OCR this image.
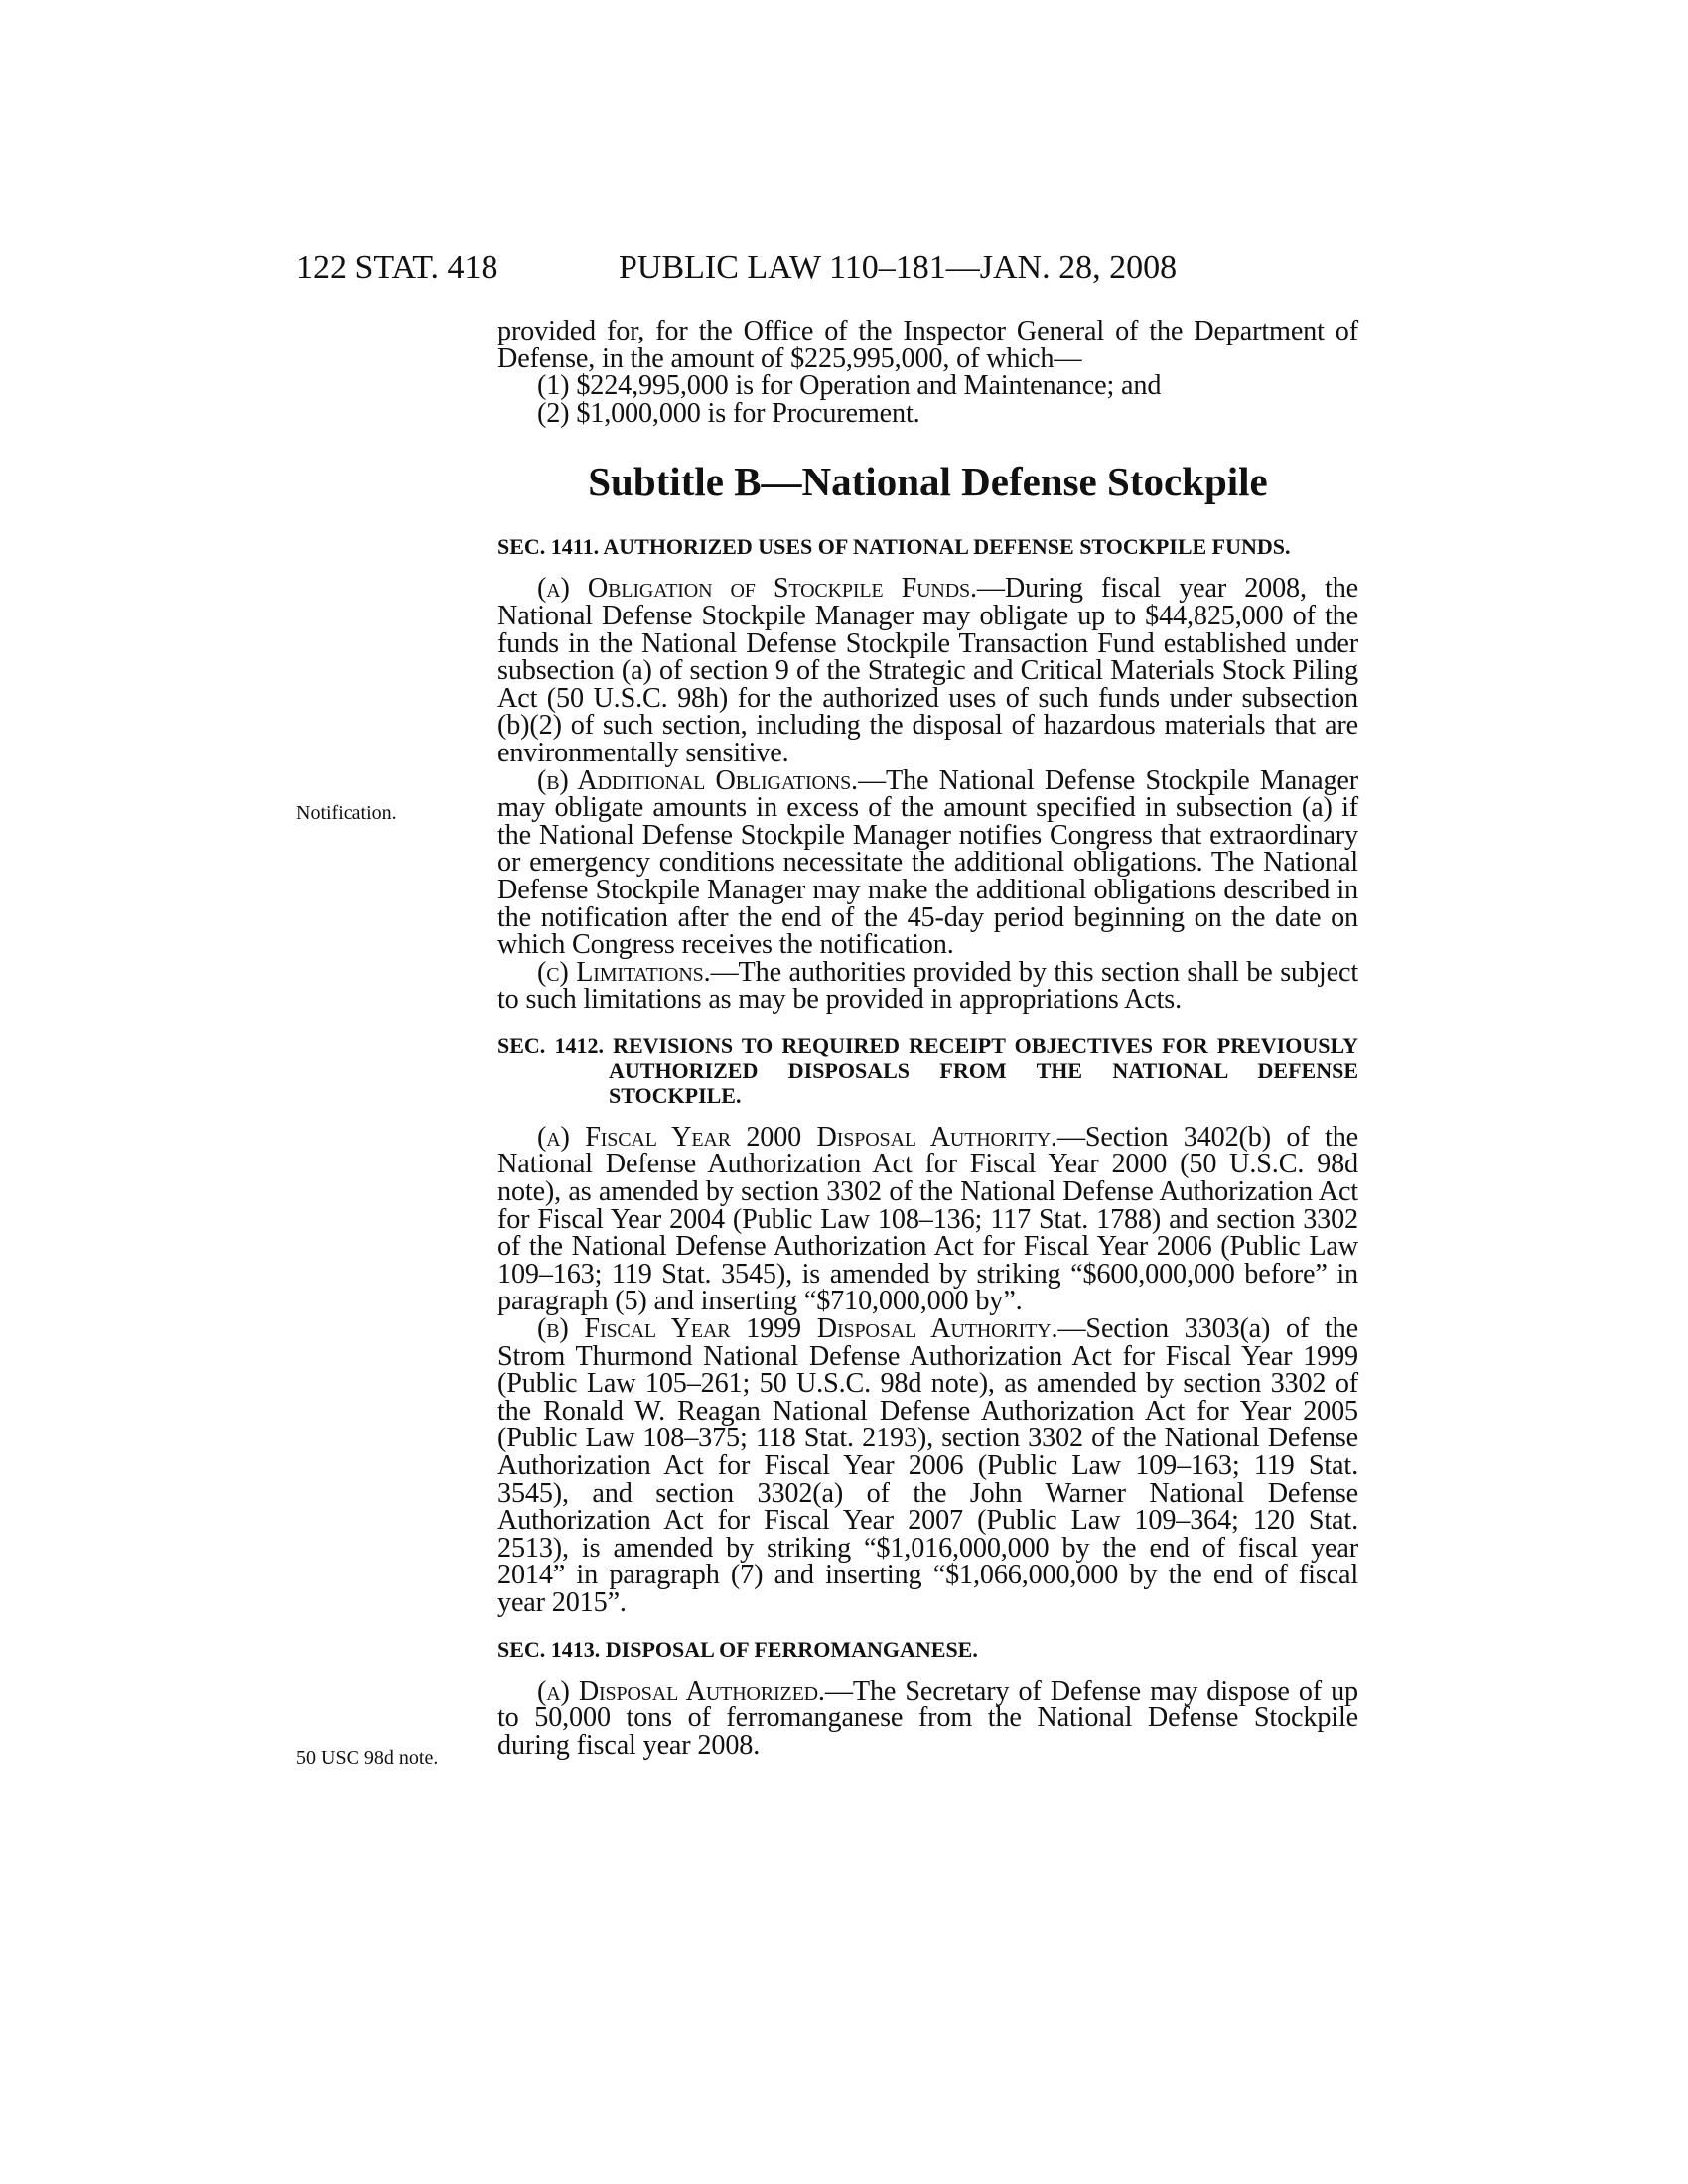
122 STAT. 418	PUBLIC LAW 110–181—JAN. 28, 2008
Notification.
50 USC 98d note.

provided for, for the Office of the Inspector General of the Department of Defense, in the amount of $225,995,000, of which—

(1) $224,995,000 is for Operation and Maintenance; and

(2) $1,000,000 is for Procurement.

Subtitle B—National Defense Stockpile
SEC. 1411. AUTHORIZED USES OF NATIONAL DEFENSE STOCKPILE FUNDS.

(a) Obligation of Stockpile Funds.—During fiscal year 2008, the National Defense Stockpile Manager may obligate up to $44,825,000 of the funds in the National Defense Stockpile Transaction Fund established under subsection (a) of section 9 of the Strategic and Critical Materials Stock Piling Act (50 U.S.C. 98h) for the authorized uses of such funds under subsection (b)(2) of such section, including the disposal of hazardous materials that are environmentally sensitive.

(b) Additional Obligations.—The National Defense Stockpile Manager may obligate amounts in excess of the amount specified in subsection (a) if the National Defense Stockpile Manager notifies Congress that extraordinary or emergency conditions necessitate the additional obligations. The National Defense Stockpile Manager may make the additional obligations described in the notification after the end of the 45-day period beginning on the date on which Congress receives the notification.

(c) Limitations.—The authorities provided by this section shall be subject to such limitations as may be provided in appropriations Acts.

SEC. 1412. REVISIONS TO REQUIRED RECEIPT OBJECTIVES FOR PREVIOUSLY AUTHORIZED DISPOSALS FROM THE NATIONAL DEFENSE STOCKPILE.

(a) Fiscal Year 2000 Disposal Authority.—Section 3402(b) of the National Defense Authorization Act for Fiscal Year 2000 (50 U.S.C. 98d note), as amended by section 3302 of the National Defense Authorization Act for Fiscal Year 2004 (Public Law 108–136; 117 Stat. 1788) and section 3302 of the National Defense Authorization Act for Fiscal Year 2006 (Public Law 109–163; 119 Stat. 3545), is amended by striking “$600,000,000 before” in paragraph (5) and inserting “$710,000,000 by”.

(b) Fiscal Year 1999 Disposal Authority.—Section 3303(a) of the Strom Thurmond National Defense Authorization Act for Fiscal Year 1999 (Public Law 105–261; 50 U.S.C. 98d note), as amended by section 3302 of the Ronald W. Reagan National Defense Authorization Act for Year 2005 (Public Law 108–375; 118 Stat. 2193), section 3302 of the National Defense Authorization Act for Fiscal Year 2006 (Public Law 109–163; 119 Stat. 3545), and section 3302(a) of the John Warner National Defense Authorization Act for Fiscal Year 2007 (Public Law 109–364; 120 Stat. 2513), is amended by striking “$1,016,000,000 by the end of fiscal year 2014” in paragraph (7) and inserting “$1,066,000,000 by the end of fiscal year 2015”.

SEC. 1413. DISPOSAL OF FERROMANGANESE.

(a) Disposal Authorized.—The Secretary of Defense may dispose of up to 50,000 tons of ferromanganese from the National Defense Stockpile during fiscal year 2008.
